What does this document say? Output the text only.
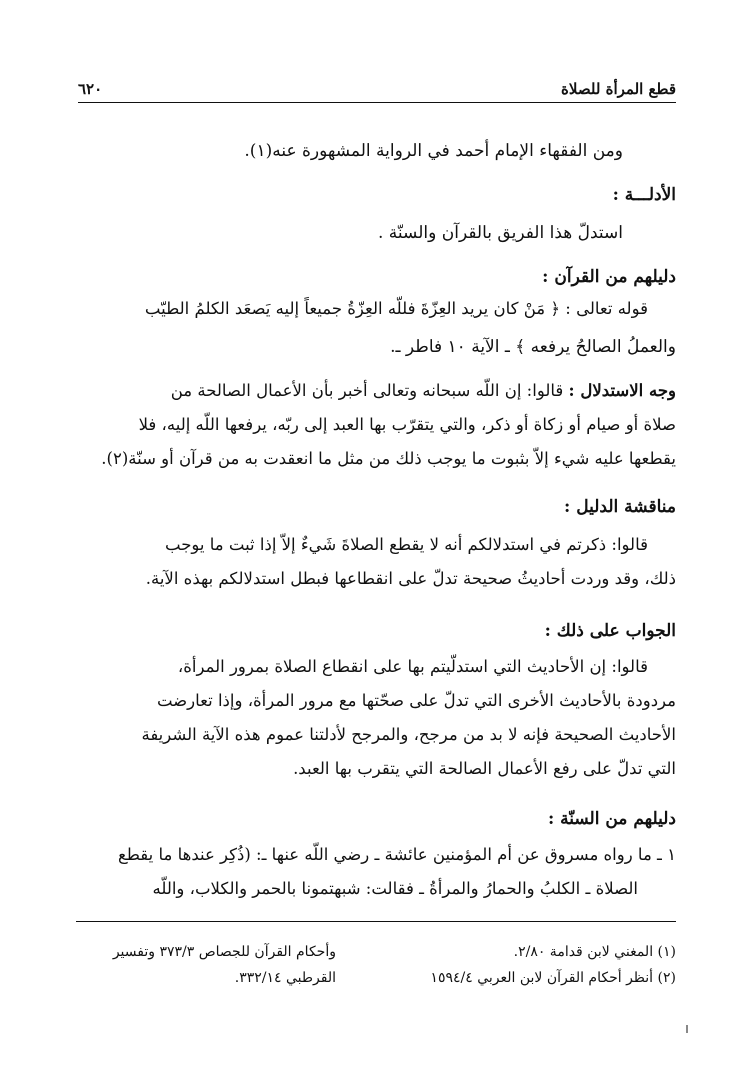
قطع المرأة للصلاة
٦٢٠
ومن الفقهاء الإمام أحمد في الرواية المشهورة عنه(١).
الأدلـــة :
استدلّ هذا الفريق بالقرآن والسنّة .
دليلهم من القرآن :
قوله تعالى : ﴿ مَنْ كان يريد العِزّةَ فللّه العِزّةُ جميعاً إليه يَصعَد الكلمُ الطيّب
والعملُ الصالحُ يرفعه ﴾ ـ الآية ١٠ فاطر ـ.
وجه الاستدلال : قالوا: إن اللّه سبحانه وتعالى أخبر بأن الأعمال الصالحة من
صلاة أو صيام أو زكاة أو ذكر، والتي يتقرّب بها العبد إلى ربّه، يرفعها اللّه إليه، فلا
يقطعها عليه شيء إلاّ بثبوت ما يوجب ذلك من مثل ما انعقدت به من قرآن أو سنّة(٢).
مناقشة الدليل :
قالوا: ذكرتم في استدلالكم أنه لا يقطع الصلاةَ شَيءٌ إلاّ إذا ثبت ما يوجب
ذلك، وقد وردت أحاديثُ صحيحة تدلّ على انقطاعها فبطل استدلالكم بهذه الآية.
الجواب على ذلك :
قالوا: إن الأحاديث التي استدلّيتم بها على انقطاع الصلاة بمرور المرأة،
مردودة بالأحاديث الأخرى التي تدلّ على صحّتها مع مرور المرأة، وإذا تعارضت
الأحاديث الصحيحة فإنه لا بد من مرجح، والمرجح لأدلتنا عموم هذه الآية الشريفة
التي تدلّ على رفع الأعمال الصالحة التي يتقرب بها العبد.
دليلهم من السنّة :
١ ـ ما رواه مسروق عن أم المؤمنين عائشة ـ رضي اللّه عنها ـ: (ذُكِر عندها ما يقطع
الصلاة ـ الكلبُ والحمارُ والمرأةُ ـ فقالت: شبهتمونا بالحمر والكلاب، واللّه
(١) المغني لابن قدامة ٢/٨٠.
(٢) أنظر أحكام القرآن لابن العربي ١٥٩٤/٤
وأحكام القرآن للجصاص ٣٧٣/٣ وتفسير
القرطبي ٣٣٢/١٤.
